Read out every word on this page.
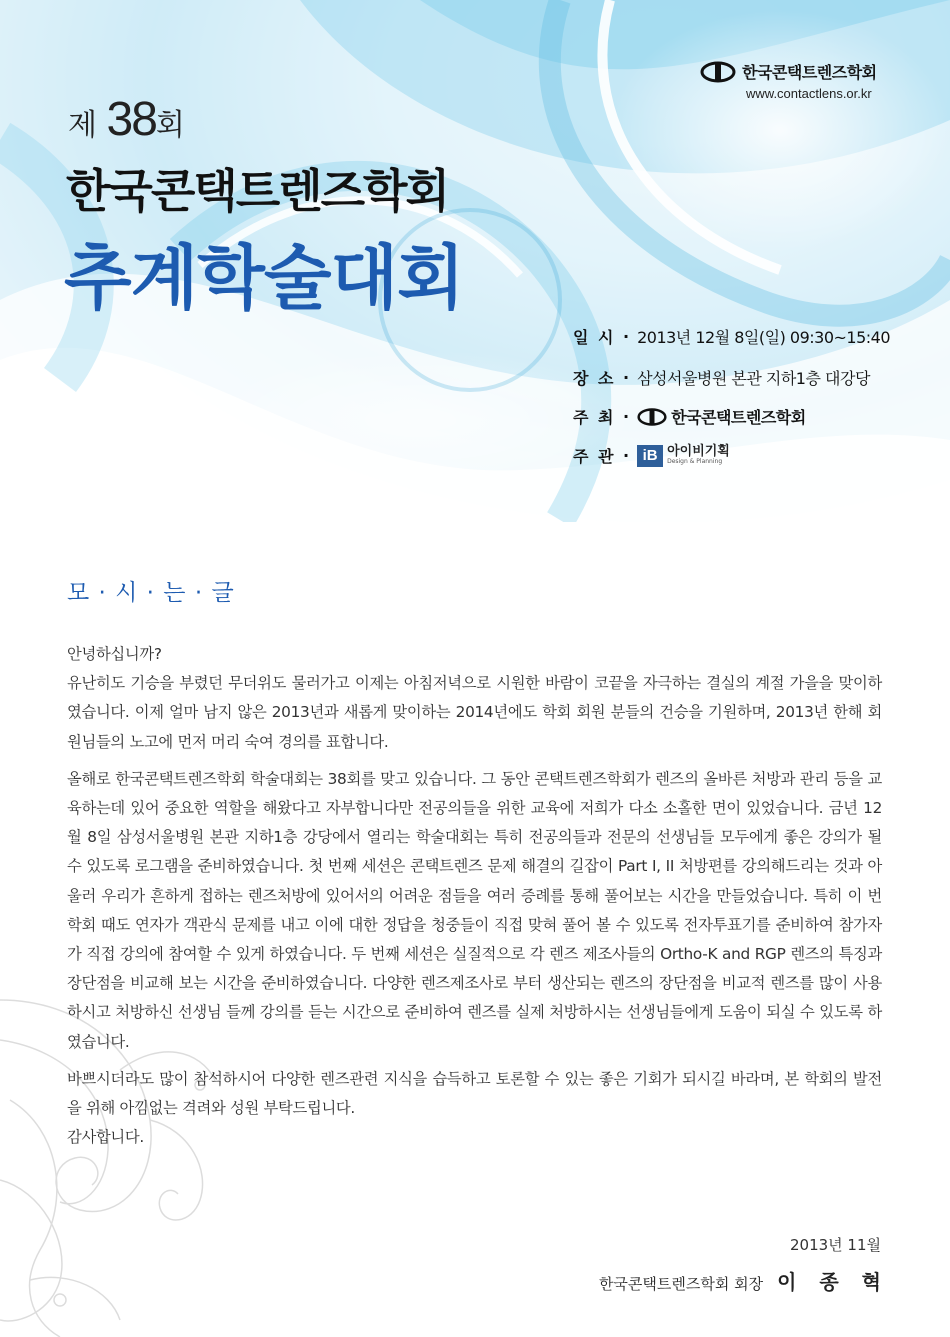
한국콘택트렌즈학회
www.contactlens.or.kr
제 38회
한국콘택트렌즈학회
추계학술대회
일 시 · 2013년 12월 8일(일) 09:30~15:40
장 소 · 삼성서울병원 본관 지하1층 대강당
주 최 ·	한국콘택트렌즈학회
주 관 · iB 아이비기획
Design & Planning
모 · 시 · 는 · 글

안녕하십니까?

유난히도 기승을 부렸던 무더위도 물러가고 이제는 아침저녁으로 시원한 바람이 코끝을 자극하는 결실의 계절 가을을 맞이하였습니다. 이제 얼마 남지 않은 2013년과 새롭게 맞이하는 2014년에도 학회 회원 분들의 건승을 기원하며, 2013년 한해 회원님들의 노고에 먼저 머리 숙여 경의를 표합니다.

올해로 한국콘택트렌즈학회 학술대회는 38회를 맞고 있습니다. 그 동안 콘택트렌즈학회가 렌즈의 올바른 처방과 관리 등을 교육하는데 있어 중요한 역할을 해왔다고 자부합니다만 전공의들을 위한 교육에 저희가 다소 소홀한 면이 있었습니다. 금년 12월 8일 삼성서울병원 본관 지하1층 강당에서 열리는 학술대회는 특히 전공의들과 전문의 선생님들 모두에게 좋은 강의가 될 수 있도록 로그램을 준비하였습니다. 첫 번째 세션은 콘택트렌즈 문제 해결의 길잡이 Part I, II 처방편를 강의해드리는 것과 아울러 우리가 흔하게 접하는 렌즈처방에 있어서의 어려운 점들을 여러 증례를 통해 풀어보는 시간을 만들었습니다. 특히 이 번 학회 때도 연자가 객관식 문제를 내고 이에 대한 정답을 청중들이 직접 맞혀 풀어 볼 수 있도록 전자투표기를 준비하여 참가자가 직접 강의에 참여할 수 있게 하였습니다. 두 번째 세션은 실질적으로 각 렌즈 제조사들의 Ortho-K and RGP 렌즈의 특징과 장단점을 비교해 보는 시간을 준비하였습니다. 다양한 렌즈제조사로 부터 생산되는 렌즈의 장단점을 비교적 렌즈를 많이 사용하시고 처방하신 선생님 들께 강의를 듣는 시간으로 준비하여 렌즈를 실제 처방하시는 선생님들에게 도움이 되실 수 있도록 하였습니다.

바쁘시더라도 많이 참석하시어 다양한 렌즈관련 지식을 습득하고 토론할 수 있는 좋은 기회가 되시길 바라며, 본 학회의 발전을 위해 아낌없는 격려와 성원 부탁드립니다.

감사합니다.

2013년 11월
한국콘택트렌즈학회 회장 이 종 혁
